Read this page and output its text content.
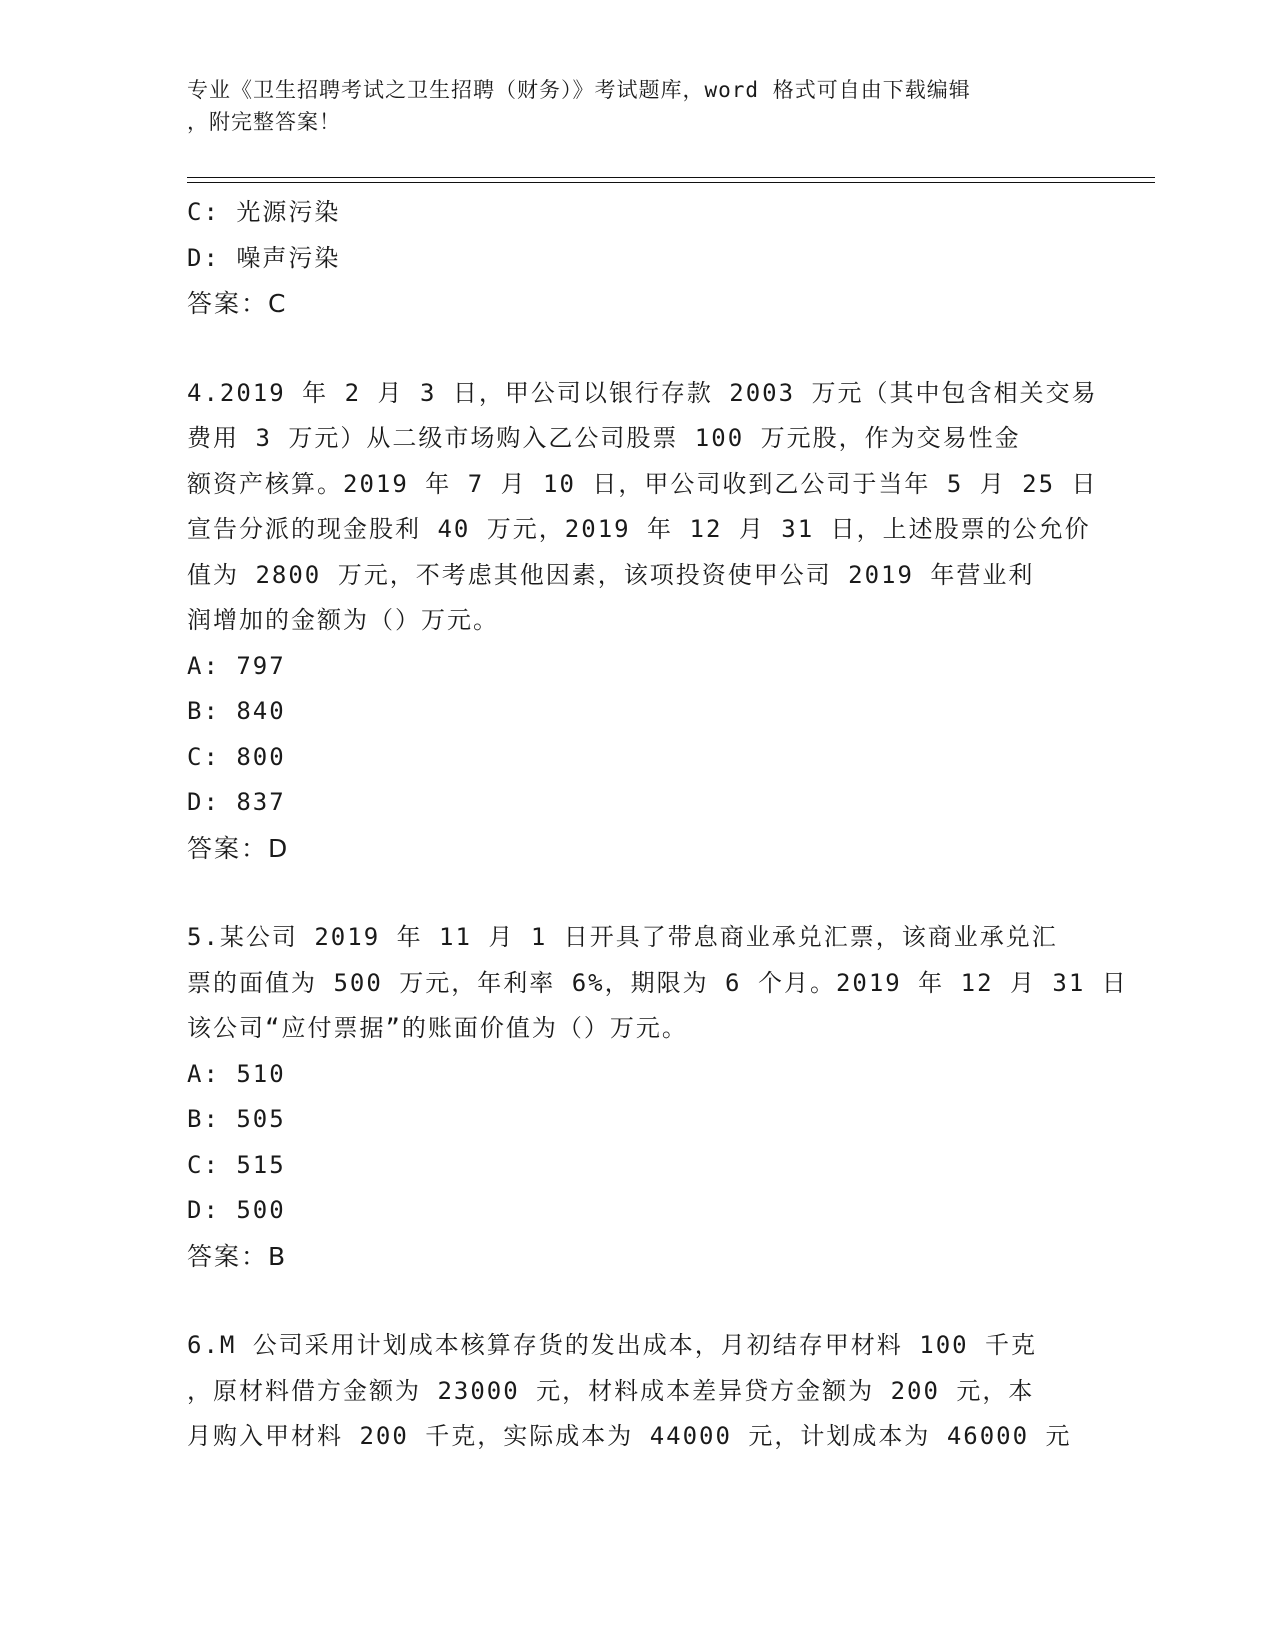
专业《卫生招聘考试之卫生招聘（财务）》考试题库，word 格式可自由下载编辑
，附完整答案！
C: 光源污染
D: 噪声污染
答案：C
4.2019 年 2 月 3 日，甲公司以银行存款 2003 万元（其中包含相关交易
费用 3 万元）从二级市场购入乙公司股票 100 万元股，作为交易性金
额资产核算。2019 年 7 月 10 日，甲公司收到乙公司于当年 5 月 25 日
宣告分派的现金股利 40 万元，2019 年 12 月 31 日，上述股票的公允价
值为 2800 万元，不考虑其他因素，该项投资使甲公司 2019 年营业利
润增加的金额为（）万元。
A: 797
B: 840
C: 800
D: 837
答案：D
5.某公司 2019 年 11 月 1 日开具了带息商业承兑汇票，该商业承兑汇
票的面值为 500 万元，年利率 6%，期限为 6 个月。2019 年 12 月 31 日
该公司“应付票据”的账面价值为（）万元。
A: 510
B: 505
C: 515
D: 500
答案：B
6.M 公司采用计划成本核算存货的发出成本，月初结存甲材料 100 千克
，原材料借方金额为 23000 元，材料成本差异贷方金额为 200 元，本
月购入甲材料 200 千克，实际成本为 44000 元，计划成本为 46000 元
